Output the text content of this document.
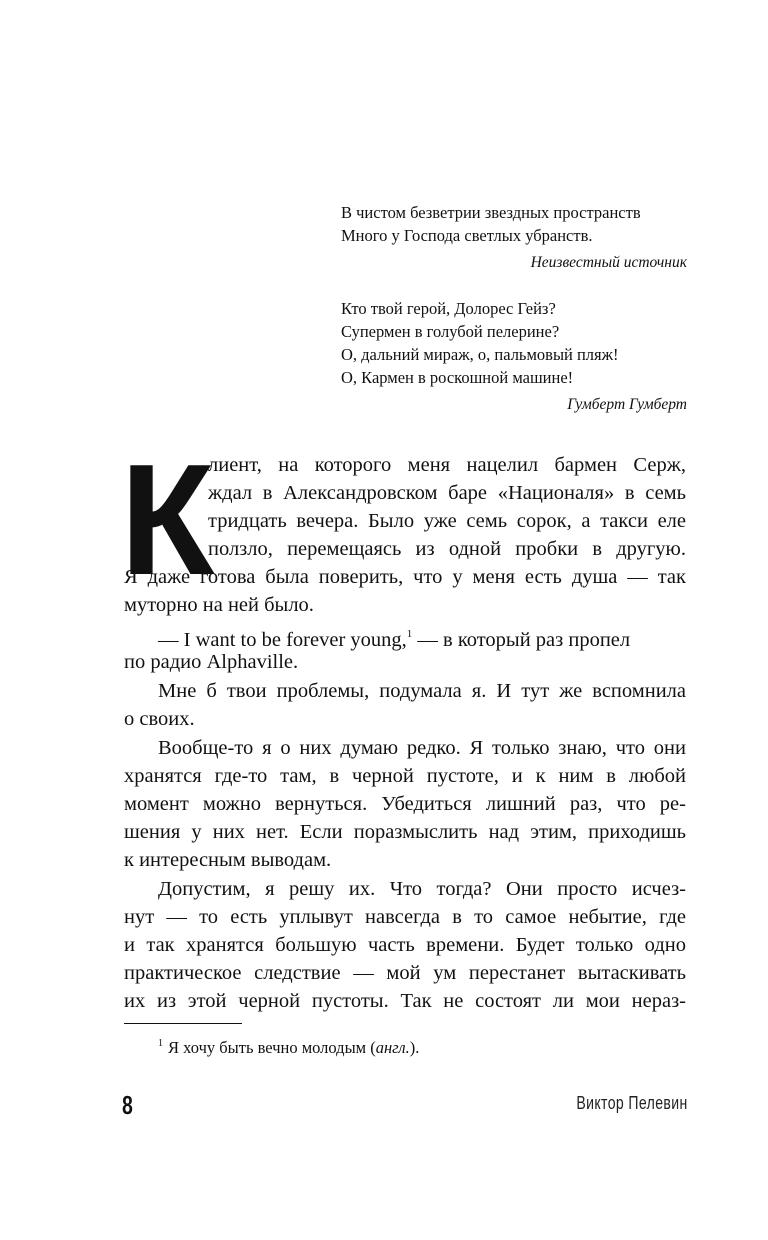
В чистом безветрии звездных пространств
Много у Господа светлых убранств.
Неизвестный источник
Кто твой герой, Долорес Гейз?
Супермен в голубой пелерине?
О, дальний мираж, о, пальмовый пляж!
О, Кармен в роскошной машине!
Гумберт Гумберт
К

лиент, на которого меня нацелил бармен Серж,

ждал в Александровском баре «Националя» в семь

тридцать вечера. Было уже семь сорок, а такси еле

ползло, перемещаясь из одной пробки в другую.

Я даже готова была поверить, что у меня есть душа — так

муторно на ней было.

— I want to be forever young,$^1$ — в который раз пропел

по радио Alphaville.

Мне б твои проблемы, подумала я. И тут же вспомнила

о своих.

Вообще-то я о них думаю редко. Я только знаю, что они

хранятся где-то там, в черной пустоте, и к ним в любой

момент можно вернуться. Убедиться лишний раз, что ре-

шения у них нет. Если поразмыслить над этим, приходишь

к интересным выводам.

Допустим, я решу их. Что тогда? Они просто исчез-

нут — то есть уплывут навсегда в то самое небытие, где

и так хранятся большую часть времени. Будет только одно

практическое следствие — мой ум перестанет вытаскивать

их из этой черной пустоты. Так не состоят ли мои нераз-

$^1$ Я хочу быть вечно молодым (англ.).
8	Виктор Пелевин
